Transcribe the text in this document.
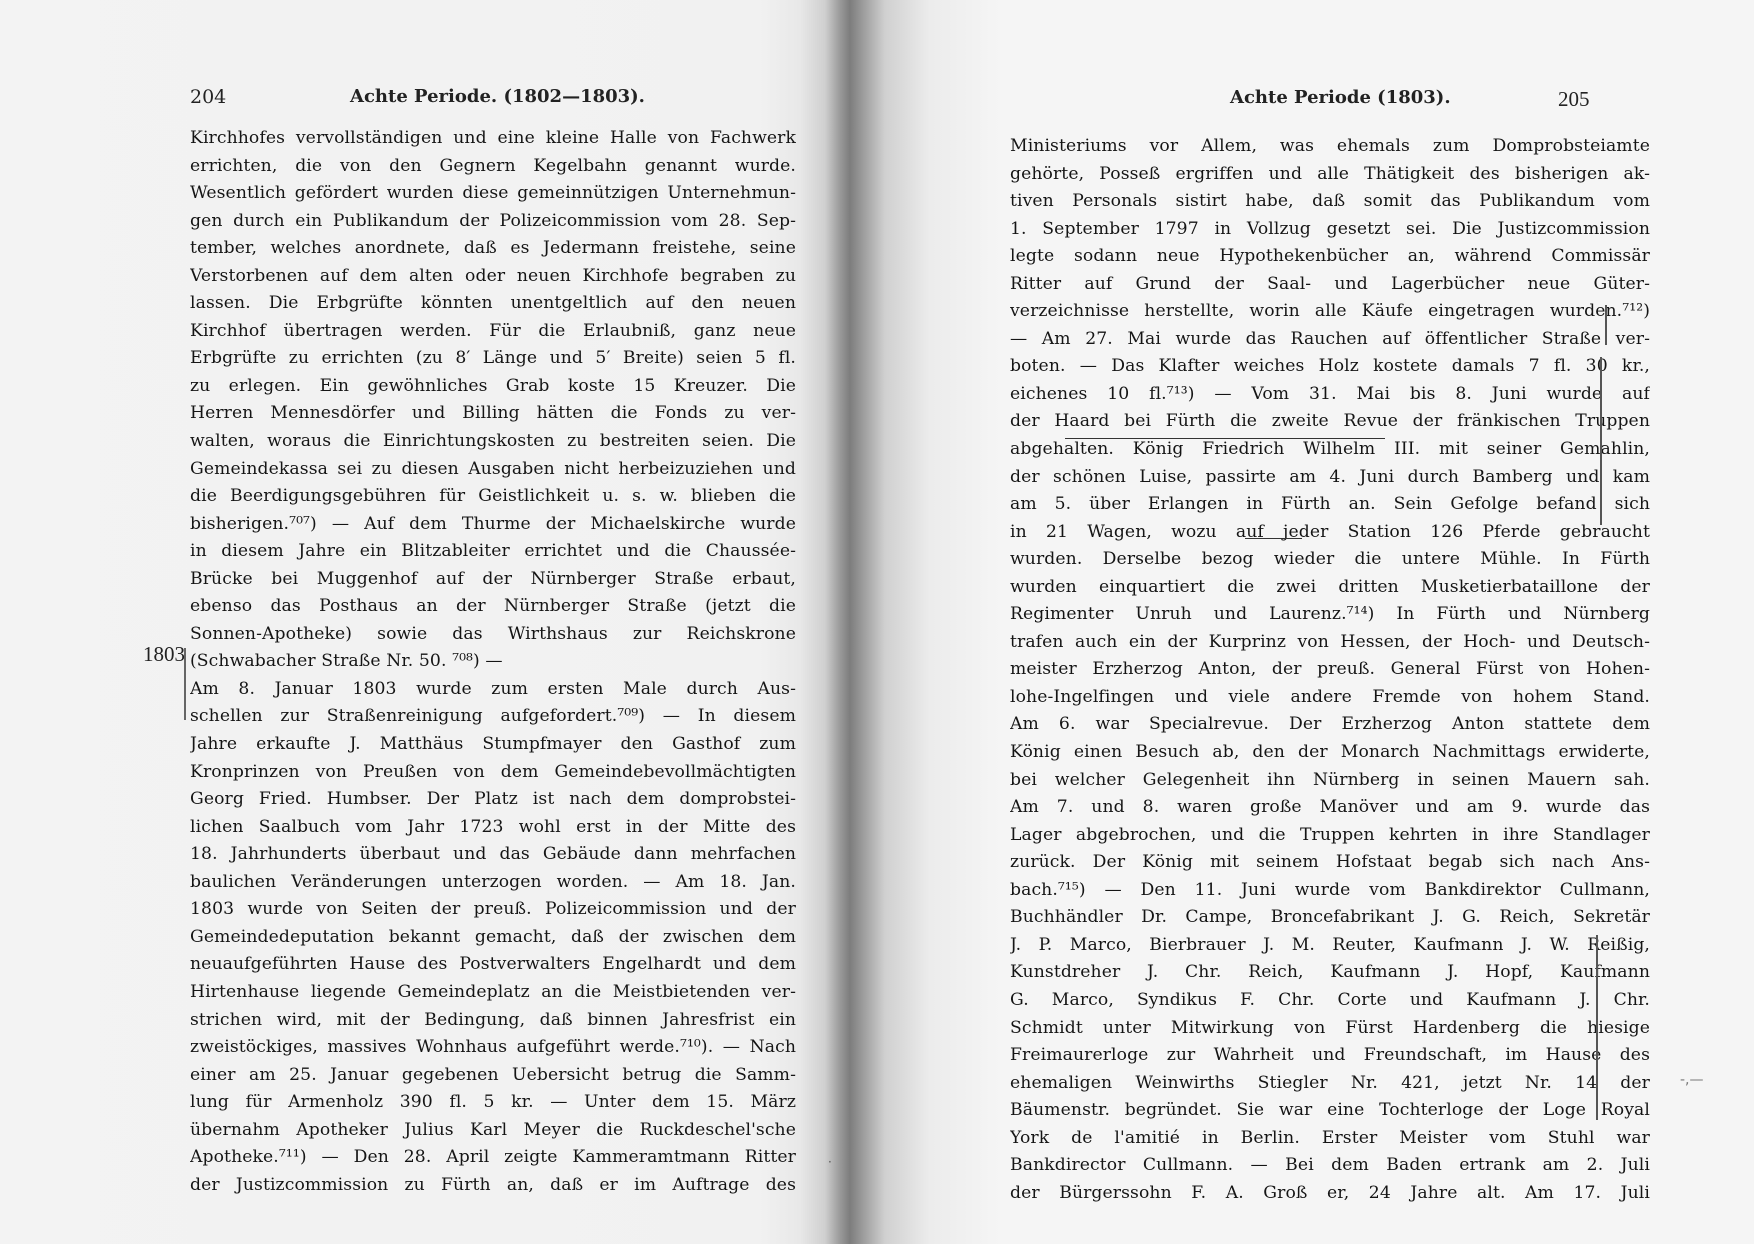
204	Achte Periode. (1802—1803).
1803
Kirchhofes vervollständigen und eine kleine Halle von Fachwerk
errichten, die von den Gegnern Kegelbahn genannt wurde.
Wesentlich gefördert wurden diese gemeinnützigen Unternehmun-
gen durch ein Publikandum der Polizeicommission vom 28. Sep-
tember, welches anordnete, daß es Jedermann freistehe, seine
Verstorbenen auf dem alten oder neuen Kirchhofe begraben zu
lassen. Die Erbgrüfte könnten unentgeltlich auf den neuen
Kirchhof übertragen werden. Für die Erlaubniß, ganz neue
Erbgrüfte zu errichten (zu 8′ Länge und 5′ Breite) seien 5 fl.
zu erlegen. Ein gewöhnliches Grab koste 15 Kreuzer. Die
Herren Mennesdörfer und Billing hätten die Fonds zu ver-
walten, woraus die Einrichtungskosten zu bestreiten seien. Die
Gemeindekassa sei zu diesen Ausgaben nicht herbeizuziehen und
die Beerdigungsgebühren für Geistlichkeit u. s. w. blieben die
bisherigen.⁷⁰⁷) — Auf dem Thurme der Michaelskirche wurde
in diesem Jahre ein Blitzableiter errichtet und die Chaussée-
Brücke bei Muggenhof auf der Nürnberger Straße erbaut,
ebenso das Posthaus an der Nürnberger Straße (jetzt die
Sonnen-Apotheke) sowie das Wirthshaus zur Reichskrone
(Schwabacher Straße Nr. 50. ⁷⁰⁸) —
Am 8. Januar 1803 wurde zum ersten Male durch Aus-
schellen zur Straßenreinigung aufgefordert.⁷⁰⁹) — In diesem
Jahre erkaufte J. Matthäus Stumpfmayer den Gasthof zum
Kronprinzen von Preußen von dem Gemeindebevollmächtigten
Georg Fried. Humbser. Der Platz ist nach dem domprobstei-
lichen Saalbuch vom Jahr 1723 wohl erst in der Mitte des
18. Jahrhunderts überbaut und das Gebäude dann mehrfachen
baulichen Veränderungen unterzogen worden. — Am 18. Jan.
1803 wurde von Seiten der preuß. Polizeicommission und der
Gemeindedeputation bekannt gemacht, daß der zwischen dem
neuaufgeführten Hause des Postverwalters Engelhardt und dem
Hirtenhause liegende Gemeindeplatz an die Meistbietenden ver-
strichen wird, mit der Bedingung, daß binnen Jahresfrist ein
zweistöckiges, massives Wohnhaus aufgeführt werde.⁷¹⁰). — Nach
einer am 25. Januar gegebenen Uebersicht betrug die Samm-
lung für Armenholz 390 fl. 5 kr. — Unter dem 15. März
übernahm Apotheker Julius Karl Meyer die Ruckdeschel'sche
Apotheke.⁷¹¹) — Den 28. April zeigte Kammeramtmann Ritter
der Justizcommission zu Fürth an, daß er im Auftrage des
Achte Periode (1803).	205
Ministeriums vor Allem, was ehemals zum Domprobsteiamte
gehörte, Posseß ergriffen und alle Thätigkeit des bisherigen ak-
tiven Personals sistirt habe, daß somit das Publikandum vom
1. September 1797 in Vollzug gesetzt sei. Die Justizcommission
legte sodann neue Hypothekenbücher an, während Commissär
Ritter auf Grund der Saal- und Lagerbücher neue Güter-
verzeichnisse herstellte, worin alle Käufe eingetragen wurden.⁷¹²)
— Am 27. Mai wurde das Rauchen auf öffentlicher Straße ver-
boten. — Das Klafter weiches Holz kostete damals 7 fl. 30 kr.,
eichenes 10 fl.⁷¹³) — Vom 31. Mai bis 8. Juni wurde auf
der Haard bei Fürth die zweite Revue der fränkischen Truppen
abgehalten. König Friedrich Wilhelm III. mit seiner Gemahlin,
der schönen Luise, passirte am 4. Juni durch Bamberg und kam
am 5. über Erlangen in Fürth an. Sein Gefolge befand sich
in 21 Wagen, wozu auf jeder Station 126 Pferde gebraucht
wurden. Derselbe bezog wieder die untere Mühle. In Fürth
wurden einquartiert die zwei dritten Musketierbataillone der
Regimenter Unruh und Laurenz.⁷¹⁴) In Fürth und Nürnberg
trafen auch ein der Kurprinz von Hessen, der Hoch- und Deutsch-
meister Erzherzog Anton, der preuß. General Fürst von Hohen-
lohe-Ingelfingen und viele andere Fremde von hohem Stand.
Am 6. war Specialrevue. Der Erzherzog Anton stattete dem
König einen Besuch ab, den der Monarch Nachmittags erwiderte,
bei welcher Gelegenheit ihn Nürnberg in seinen Mauern sah.
Am 7. und 8. waren große Manöver und am 9. wurde das
Lager abgebrochen, und die Truppen kehrten in ihre Standlager
zurück. Der König mit seinem Hofstaat begab sich nach Ans-
bach.⁷¹⁵) — Den 11. Juni wurde vom Bankdirektor Cullmann,
Buchhändler Dr. Campe, Broncefabrikant J. G. Reich, Sekretär
J. P. Marco, Bierbrauer J. M. Reuter, Kaufmann J. W. Reißig,
Kunstdreher J. Chr. Reich, Kaufmann J. Hopf, Kaufmann
G. Marco, Syndikus F. Chr. Corte und Kaufmann J. Chr.
Schmidt unter Mitwirkung von Fürst Hardenberg die hiesige
Freimaurerloge zur Wahrheit und Freundschaft, im Hause des
ehemaligen Weinwirths Stiegler Nr. 421, jetzt Nr. 14 der
Bäumenstr. begründet. Sie war eine Tochterloge der Loge Royal
York de l'amitié in Berlin. Erster Meister vom Stuhl war
Bankdirector Cullmann. — Bei dem Baden ertrank am 2. Juli
der Bürgerssohn F. A. Groß er, 24 Jahre alt. Am 17. Juli
-,—
·
